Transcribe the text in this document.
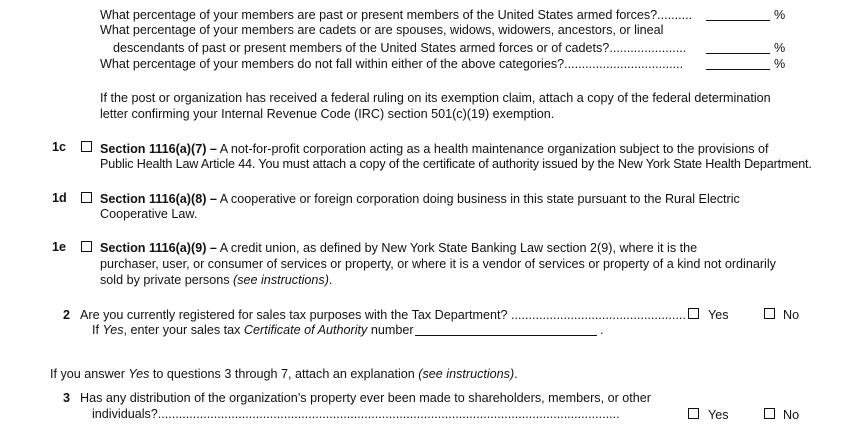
What percentage of your members are past or present members of the United States armed forces?..........	%
What percentage of your members are cadets or are spouses, widows, widowers, ancestors, or lineal
descendants of past or present members of the United States armed forces or of cadets?......................	%
What percentage of your members do not fall within either of the above categories?..................................	%
If the post or organization has received a federal ruling on its exemption claim, attach a copy of the federal determination
letter confirming your Internal Revenue Code (IRC) section 501(c)(19) exemption.
1c	Section 1116(a)(7) – A not-for-profit corporation acting as a health maintenance organization subject to the provisions of
Public Health Law Article 44. You must attach a copy of the certificate of authority issued by the New York State Health Department.
1d	Section 1116(a)(8) – A cooperative or foreign corporation doing business in this state pursuant to the Rural Electric
Cooperative Law.
1e	Section 1116(a)(9) – A credit union, as defined by New York State Banking Law section 2(9), where it is the
purchaser, user, or consumer of services or property, or where it is a vendor of services or property of a kind not ordinarily
sold by private persons (see instructions).
2 Are you currently registered for sales tax purposes with the Tax Department? .................................................. Yes	No
If Yes, enter your sales tax Certificate of Authority number	.
If you answer Yes to questions 3 through 7, attach an explanation (see instructions).
3 Has any distribution of the organization’s property ever been made to shareholders, members, or other
individuals?....................................................................................................................................	Yes	No
